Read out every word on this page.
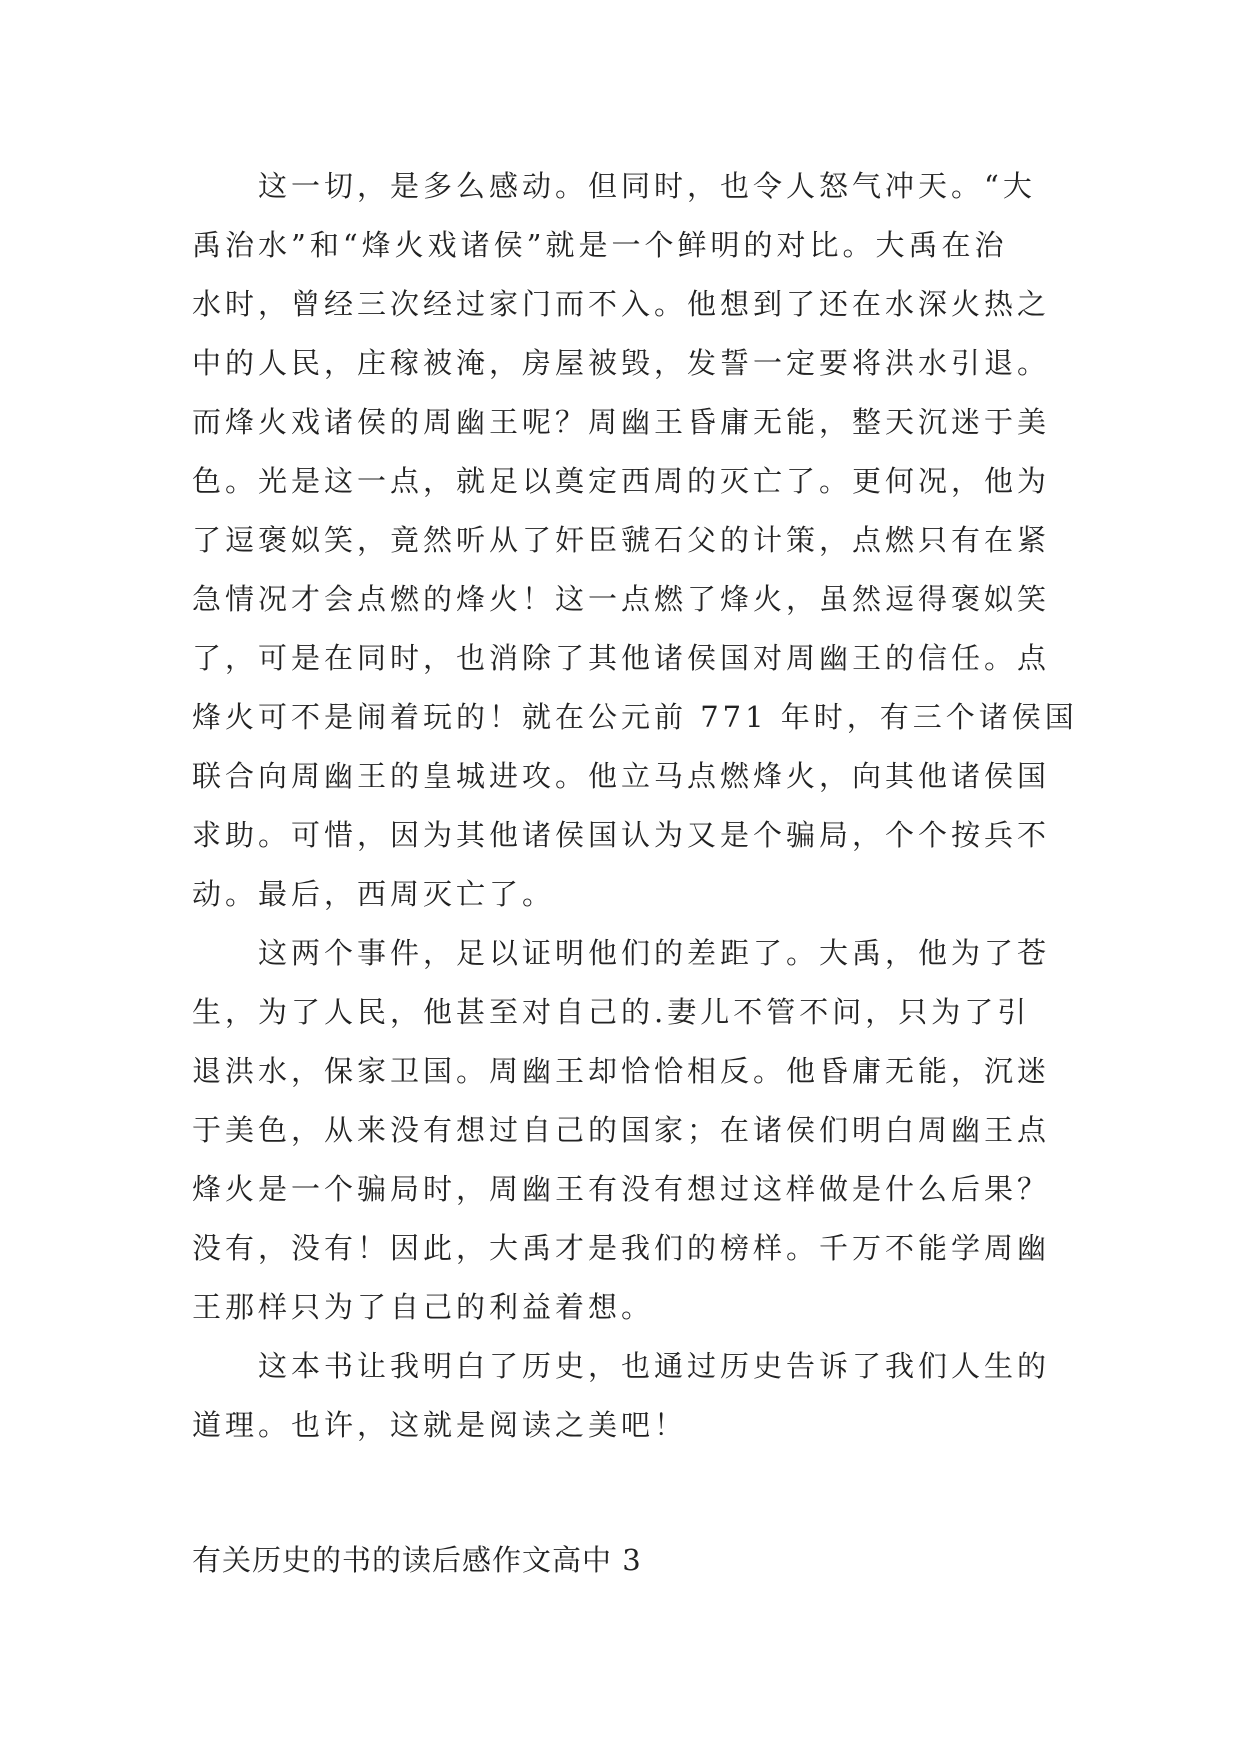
　　这一切，是多么感动。但同时，也令人怒气冲天。“大
禹治水”和“烽火戏诸侯”就是一个鲜明的对比。大禹在治
水时，曾经三次经过家门而不入。他想到了还在水深火热之
中的人民，庄稼被淹，房屋被毁，发誓一定要将洪水引退。
而烽火戏诸侯的周幽王呢？周幽王昏庸无能，整天沉迷于美
色。光是这一点，就足以奠定西周的灭亡了。更何况，他为
了逗褒姒笑，竟然听从了奸臣虢石父的计策，点燃只有在紧
急情况才会点燃的烽火！这一点燃了烽火，虽然逗得褒姒笑
了，可是在同时，也消除了其他诸侯国对周幽王的信任。点
烽火可不是闹着玩的！就在公元前 771 年时，有三个诸侯国
联合向周幽王的皇城进攻。他立马点燃烽火，向其他诸侯国
求助。可惜，因为其他诸侯国认为又是个骗局，个个按兵不
动。最后，西周灭亡了。
　　这两个事件，足以证明他们的差距了。大禹，他为了苍
生，为了人民，他甚至对自己的.妻儿不管不问，只为了引
退洪水，保家卫国。周幽王却恰恰相反。他昏庸无能，沉迷
于美色，从来没有想过自己的国家；在诸侯们明白周幽王点
烽火是一个骗局时，周幽王有没有想过这样做是什么后果？
没有，没有！因此，大禹才是我们的榜样。千万不能学周幽
王那样只为了自己的利益着想。
　　这本书让我明白了历史，也通过历史告诉了我们人生的
道理。也许，这就是阅读之美吧！
有关历史的书的读后感作文高中 3
